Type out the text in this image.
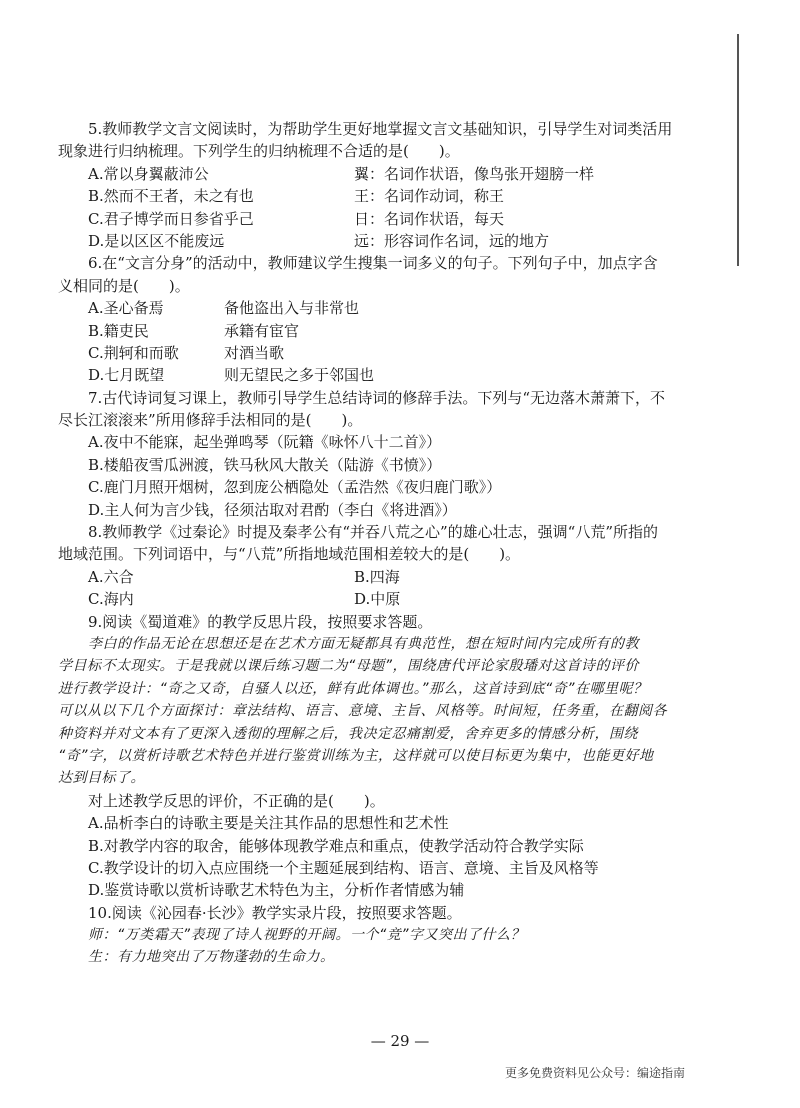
5.教师教学文言文阅读时，为帮助学生更好地掌握文言文基础知识，引导学生对词类活用
现象进行归纳梳理。下列学生的归纳梳理不合适的是(　　)。
A.常以身翼蔽沛公	翼：名词作状语，像鸟张开翅膀一样
B.然而不王者，未之有也	王：名词作动词，称王
C.君子博学而日参省乎己	日：名词作状语，每天
D.是以区区不能废远	远：形容词作名词，远的地方
6.在“文言分身”的活动中，教师建议学生搜集一词多义的句子。下列句子中，加点字含
义相同的是(　　)。
A.圣心备焉	备他盗出入与非常也
B.籍吏民	承籍有宦官
C.荆轲和而歌	对酒当歌
D.七月既望	则无望民之多于邻国也
7.古代诗词复习课上，教师引导学生总结诗词的修辞手法。下列与“无边落木萧萧下，不
尽长江滚滚来”所用修辞手法相同的是(　　)。
A.夜中不能寐，起坐弹鸣琴（阮籍《咏怀八十二首》）
B.楼船夜雪瓜洲渡，铁马秋风大散关（陆游《书愤》）
C.鹿门月照开烟树，忽到庞公栖隐处（孟浩然《夜归鹿门歌》）
D.主人何为言少钱，径须沽取对君酌（李白《将进酒》）
8.教师教学《过秦论》时提及秦孝公有“并吞八荒之心”的雄心壮志，强调“八荒”所指的
地域范围。下列词语中，与“八荒”所指地域范围相差较大的是(　　)。
A.六合	B.四海
C.海内	D.中原
9.阅读《蜀道难》的教学反思片段，按照要求答题。
李白的作品无论在思想还是在艺术方面无疑都具有典范性，想在短时间内完成所有的教
学目标不太现实。于是我就以课后练习题二为“母题”，围绕唐代评论家殷璠对这首诗的评价
进行教学设计：“奇之又奇，自骚人以还，鲜有此体调也。”那么，这首诗到底“奇”在哪里呢？
可以从以下几个方面探讨：章法结构、语言、意境、主旨、风格等。时间短，任务重，在翻阅各
种资料并对文本有了更深入透彻的理解之后，我决定忍痛割爱，舍弃更多的情感分析，围绕
“奇”字，以赏析诗歌艺术特色并进行鉴赏训练为主，这样就可以使目标更为集中，也能更好地
达到目标了。
对上述教学反思的评价，不正确的是(　　)。
A.品析李白的诗歌主要是关注其作品的思想性和艺术性
B.对教学内容的取舍，能够体现教学难点和重点，使教学活动符合教学实际
C.教学设计的切入点应围绕一个主题延展到结构、语言、意境、主旨及风格等
D.鉴赏诗歌以赏析诗歌艺术特色为主，分析作者情感为辅
10.阅读《沁园春·长沙》教学实录片段，按照要求答题。
师：“万类霜天”表现了诗人视野的开阔。一个“竞”字又突出了什么？
生：有力地突出了万物蓬勃的生命力。
— 29 —
更多免费资料见公众号：编途指南
